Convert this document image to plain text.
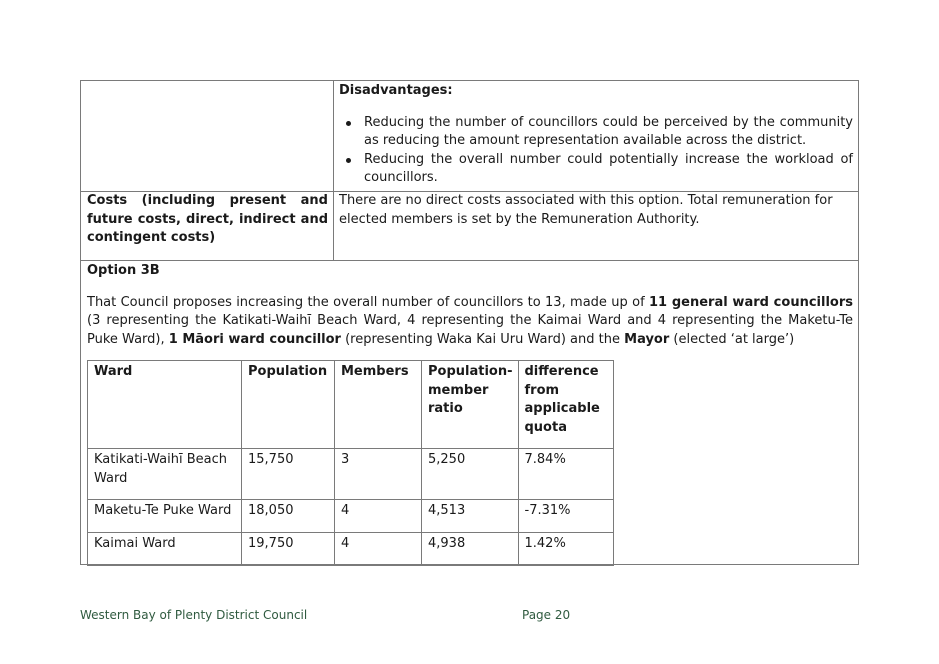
Disadvantages:
Reducing the number of councillors could be perceived by the community as reducing the amount representation available across the district.
Reducing the overall number could potentially increase the workload of councillors.
Costs (including present and future costs, direct, indirect and contingent costs)
There are no direct costs associated with this option. Total remuneration for elected members is set by the Remuneration Authority.
Option 3B
That Council proposes increasing the overall number of councillors to 13, made up of 11 general ward councillors (3 representing the Katikati-Waihī Beach Ward, 4 representing the Kaimai Ward and 4 representing the Maketu-Te Puke Ward), 1 Māori ward councillor (representing Waka Kai Uru Ward) and the Mayor (elected ‘at large’)
Ward	Population	Members	Population-member ratio	difference from applicable quota
Katikati-Waihī Beach Ward	15,750	3	5,250	7.84%
Maketu-Te Puke Ward	18,050	4	4,513	-7.31%
Kaimai Ward	19,750	4	4,938	1.42%
Western Bay of Plenty District Council	Page 20
